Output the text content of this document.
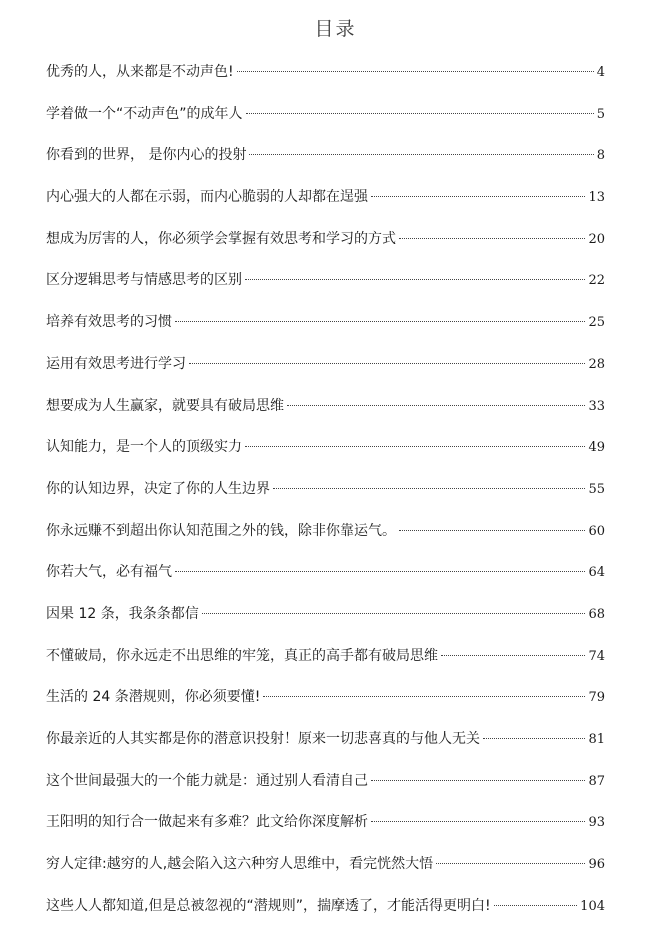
目录
优秀的人，从来都是不动声色!	4
学着做一个“不动声色”的成年人	5
你看到的世界， 是你内心的投射	8
内心强大的人都在示弱，而内心脆弱的人却都在逞强	13
想成为厉害的人，你必须学会掌握有效思考和学习的方式	20
区分逻辑思考与情感思考的区别	22
培养有效思考的习惯	25
运用有效思考进行学习	28
想要成为人生赢家，就要具有破局思维	33
认知能力，是一个人的顶级实力	49
你的认知边界，决定了你的人生边界	55
你永远赚不到超出你认知范围之外的钱，除非你靠运气。	60
你若大气，必有福气	64
因果 12 条，我条条都信	68
不懂破局，你永远走不出思维的牢笼，真正的高手都有破局思维	74
生活的 24 条潜规则，你必须要懂!	79
你最亲近的人其实都是你的潜意识投射！原来一切悲喜真的与他人无关	81
这个世间最强大的一个能力就是：通过别人看清自己	87
王阳明的知行合一做起来有多难？此文给你深度解析	93
穷人定律:越穷的人,越会陷入这六种穷人思维中，看完恍然大悟	96
这些人人都知道,但是总被忽视的“潜规则”，揣摩透了，才能活得更明白!	104
